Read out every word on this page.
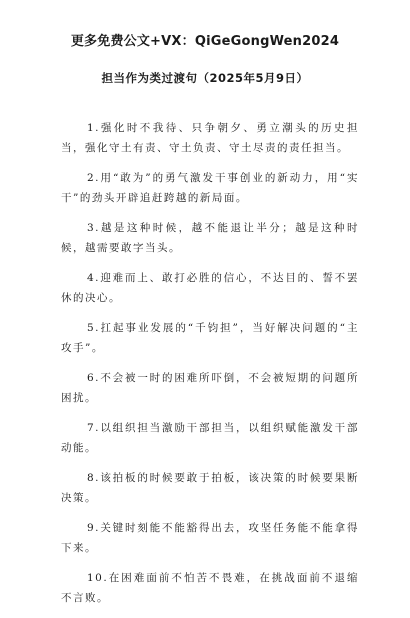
更多免费公文+VX：QiGeGongWen2024
担当作为类过渡句（2025年5月9日）
1.强化时不我待、只争朝夕、勇立潮头的历史担当，强化守土有责、守土负责、守土尽责的责任担当。
2.用“敢为”的勇气激发干事创业的新动力，用“实干”的劲头开辟追赶跨越的新局面。
3.越是这种时候，越不能退让半分；越是这种时候，越需要敢字当头。
4.迎难而上、敢打必胜的信心，不达目的、誓不罢休的决心。
5.扛起事业发展的“千钧担”，当好解决问题的“主攻手”。
6.不会被一时的困难所吓倒，不会被短期的问题所困扰。
7.以组织担当激励干部担当，以组织赋能激发干部动能。
8.该拍板的时候要敢于拍板，该决策的时候要果断决策。
9.关键时刻能不能豁得出去，攻坚任务能不能拿得下来。
10.在困难面前不怕苦不畏难，在挑战面前不退缩不言败。
